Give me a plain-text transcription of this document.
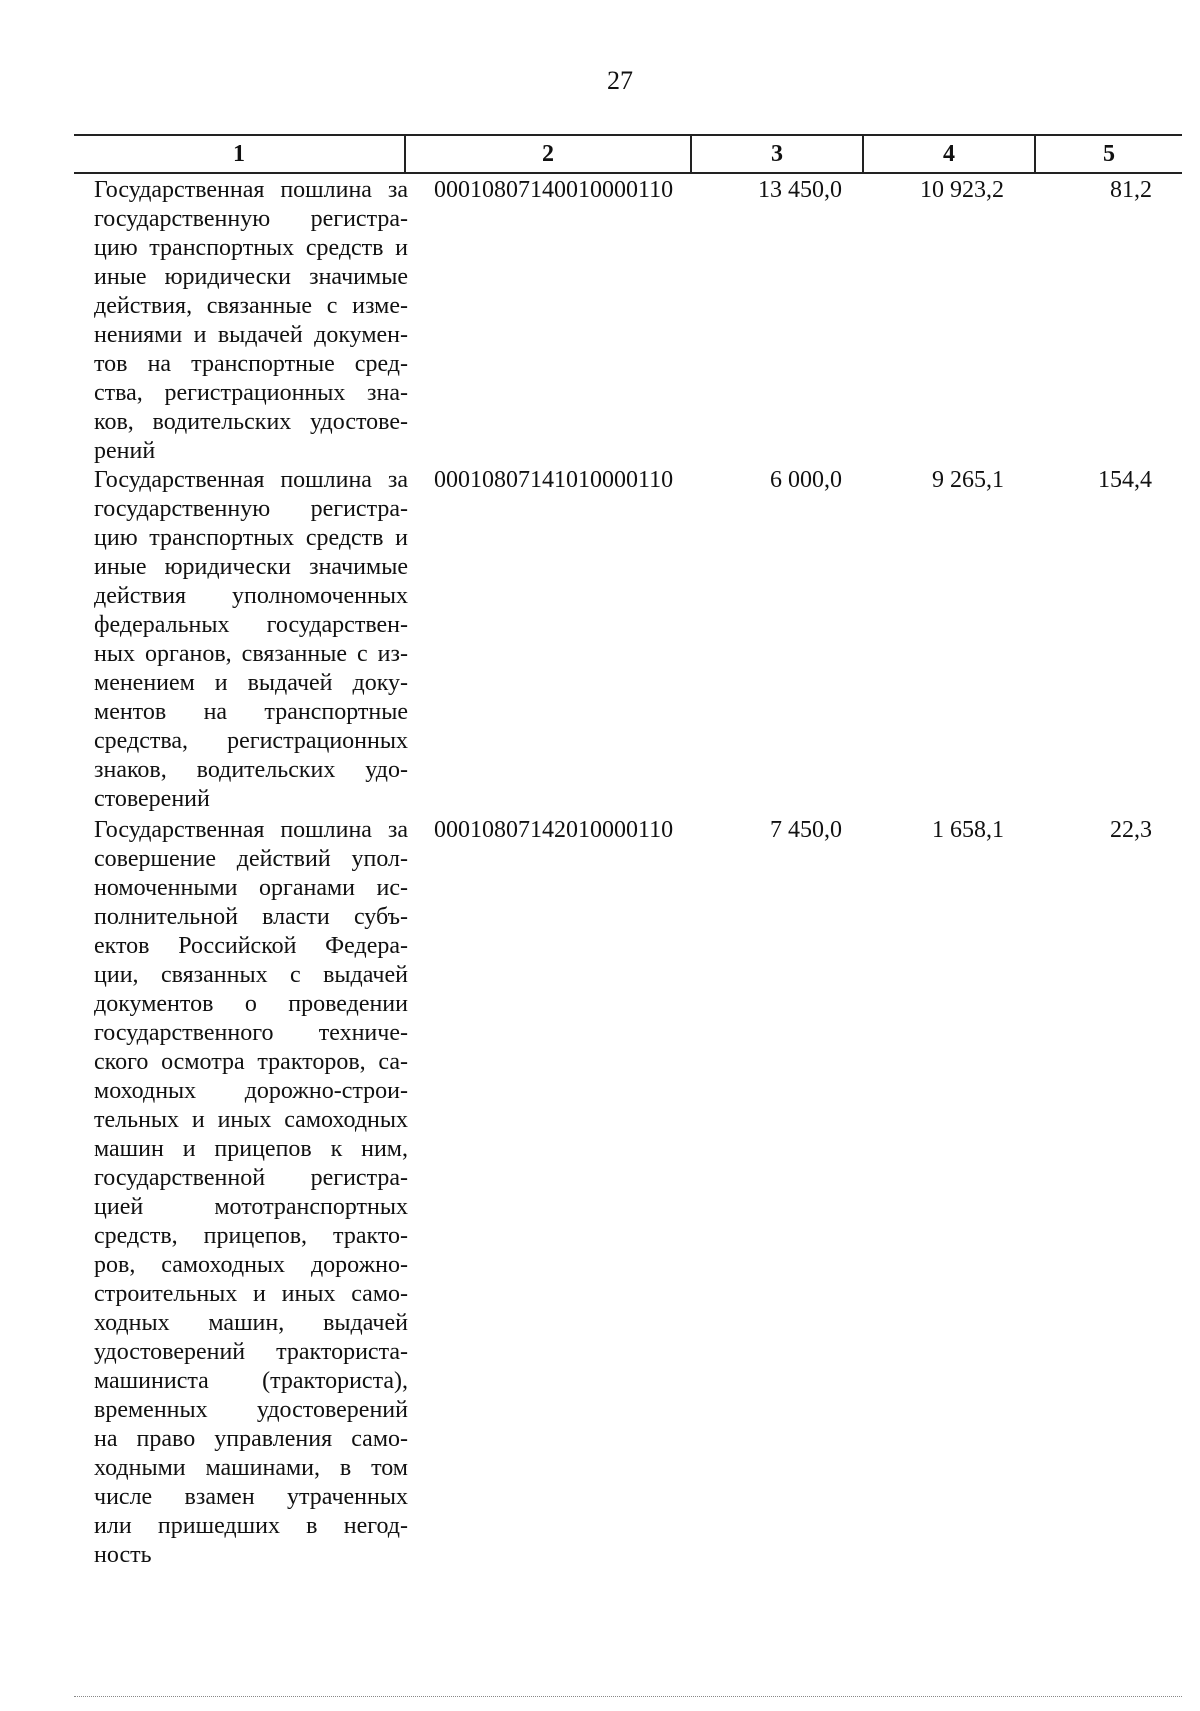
27
1	2	3	4	5
Государственная пошлина за
государственную регистра-
цию транспортных средств и
иные юридически значимые
действия, связанные с изме-
нениями и выдачей докумен-
тов на транспортные сред-
ства, регистрационных зна-
ков, водительских удостове-
рений
00010807140010000110	13 450,0	10 923,2	81,2
Государственная пошлина за
государственную регистра-
цию транспортных средств и
иные юридически значимые
действия уполномоченных
федеральных государствен-
ных органов, связанные с из-
менением и выдачей доку-
ментов на транспортные
средства, регистрационных
знаков, водительских удо-
стоверений
00010807141010000110	6 000,0	9 265,1	154,4
Государственная пошлина за
совершение действий упол-
номоченными органами ис-
полнительной власти субъ-
ектов Российской Федера-
ции, связанных с выдачей
документов о проведении
государственного техниче-
ского осмотра тракторов, са-
моходных дорожно-строи-
тельных и иных самоходных
машин и прицепов к ним,
государственной регистра-
цией мототранспортных
средств, прицепов, тракто-
ров, самоходных дорожно-
строительных и иных само-
ходных машин, выдачей
удостоверений тракториста-
машиниста (тракториста),
временных удостоверений
на право управления само-
ходными машинами, в том
числе взамен утраченных
или пришедших в негод-
ность
00010807142010000110	7 450,0	1 658,1	22,3
